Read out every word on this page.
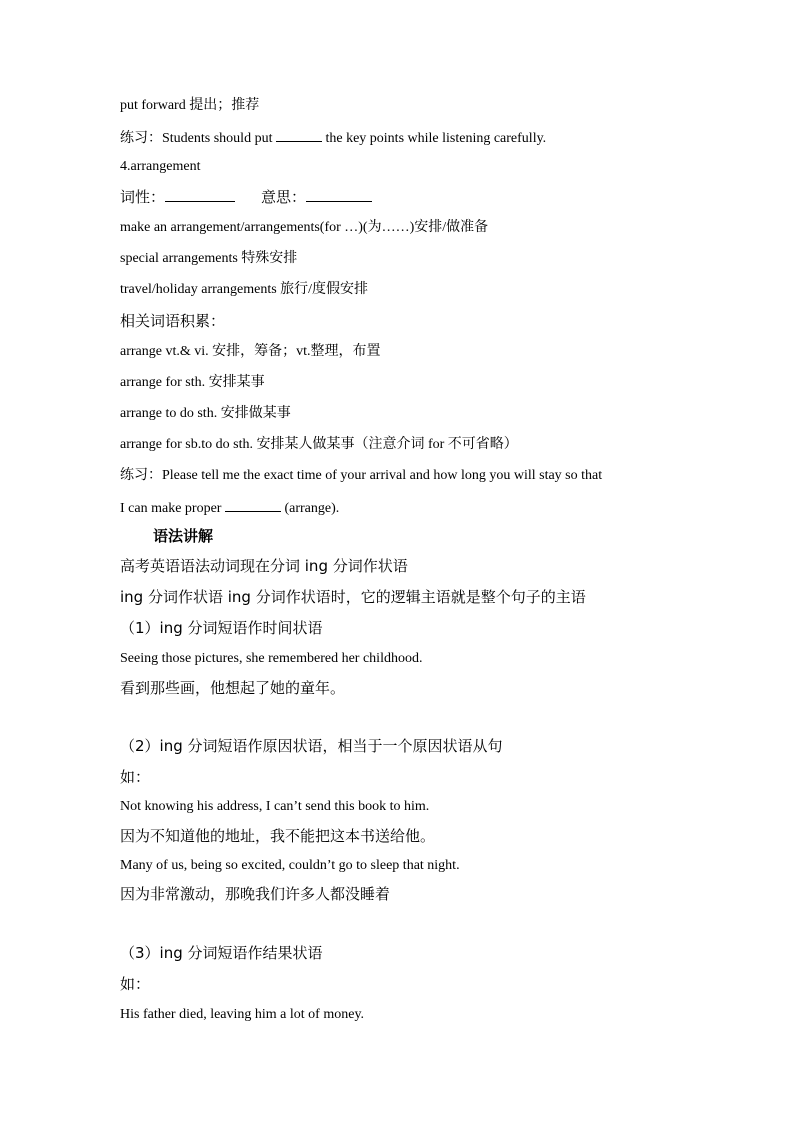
put forward 提出；推荐
练习：Students should put	the key points while listening carefully.
4.arrangement
词性：	意思：
make an arrangement/arrangements(for …)(为……)安排/做准备
special arrangements 特殊安排
travel/holiday arrangements 旅行/度假安排
相关词语积累：
arrange vt.& vi. 安排，筹备；vt.整理，布置
arrange for sth. 安排某事
arrange to do sth. 安排做某事
arrange for sb.to do sth. 安排某人做某事（注意介词 for 不可省略）
练习：Please tell me the exact time of your arrival and how long you will stay so that
I can make proper	(arrange).
语法讲解
高考英语语法动词现在分词 ing 分词作状语
ing 分词作状语 ing 分词作状语时，它的逻辑主语就是整个句子的主语
（1）ing 分词短语作时间状语
Seeing those pictures, she remembered her childhood.
看到那些画，他想起了她的童年。
（2）ing 分词短语作原因状语，相当于一个原因状语从句
如：
Not knowing his address, I can’t send this book to him.
因为不知道他的地址，我不能把这本书送给他。
Many of us, being so excited, couldn’t go to sleep that night.
因为非常激动，那晚我们许多人都没睡着
（3）ing 分词短语作结果状语
如：
His father died, leaving him a lot of money.
